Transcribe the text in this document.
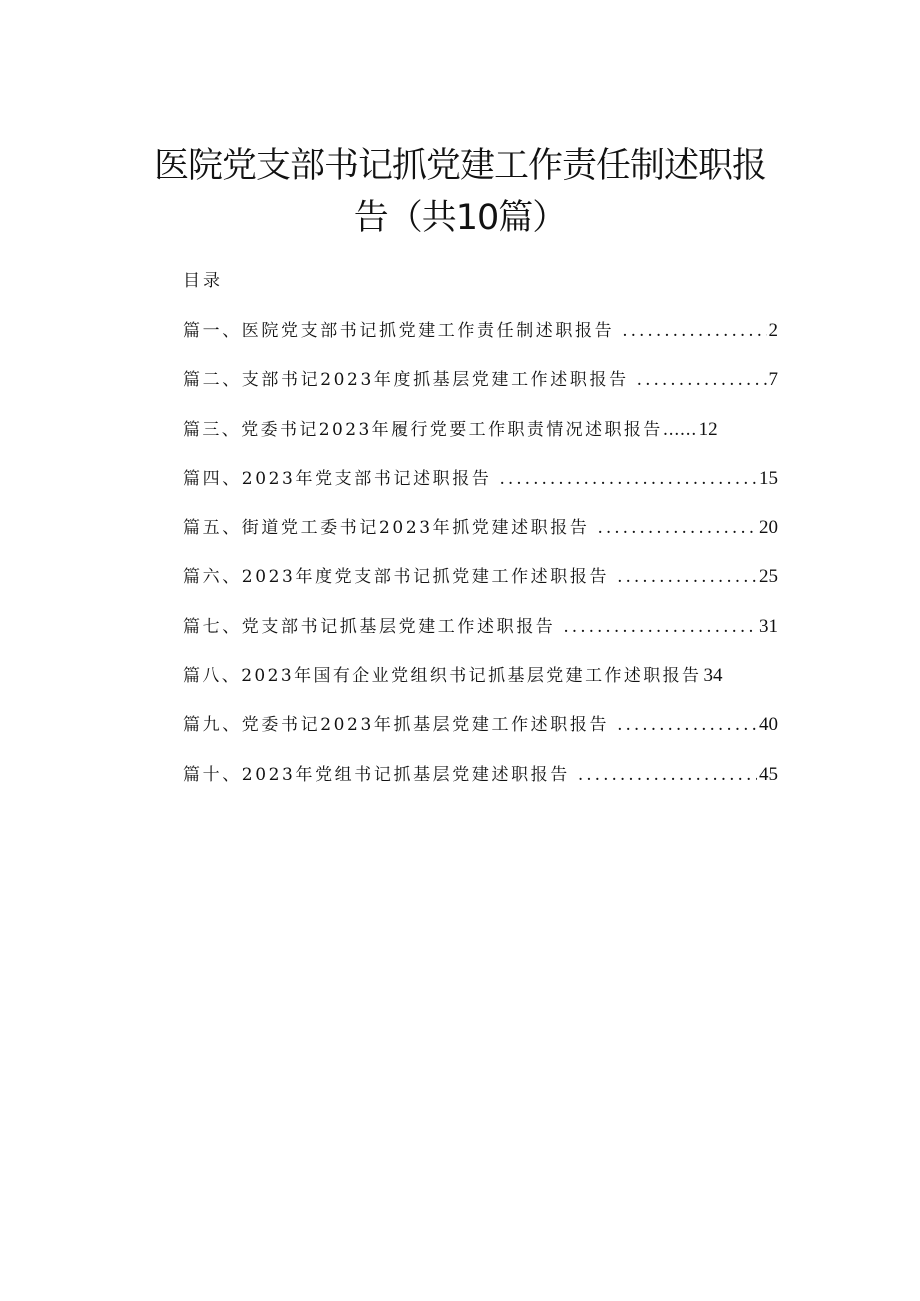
医院党支部书记抓党建工作责任制述职报
告（共10篇）
目录
篇一、医院党支部书记抓党建工作责任制述职报告 .....	2
篇二、支部书记2023年度抓基层党建工作述职报告 .....	7
篇三、党委书记2023年履行党要工作职责情况述职报告 …… 12
篇四、2023年党支部书记述职报告 .....	15
篇五、街道党工委书记2023年抓党建述职报告 .....	20
篇六、2023年度党支部书记抓党建工作述职报告 .....	25
篇七、党支部书记抓基层党建工作述职报告 .....	31
篇八、2023年国有企业党组织书记抓基层党建工作述职报告 34
篇九、党委书记2023年抓基层党建工作述职报告 .....	40
篇十、2023年党组书记抓基层党建述职报告 .....	45
